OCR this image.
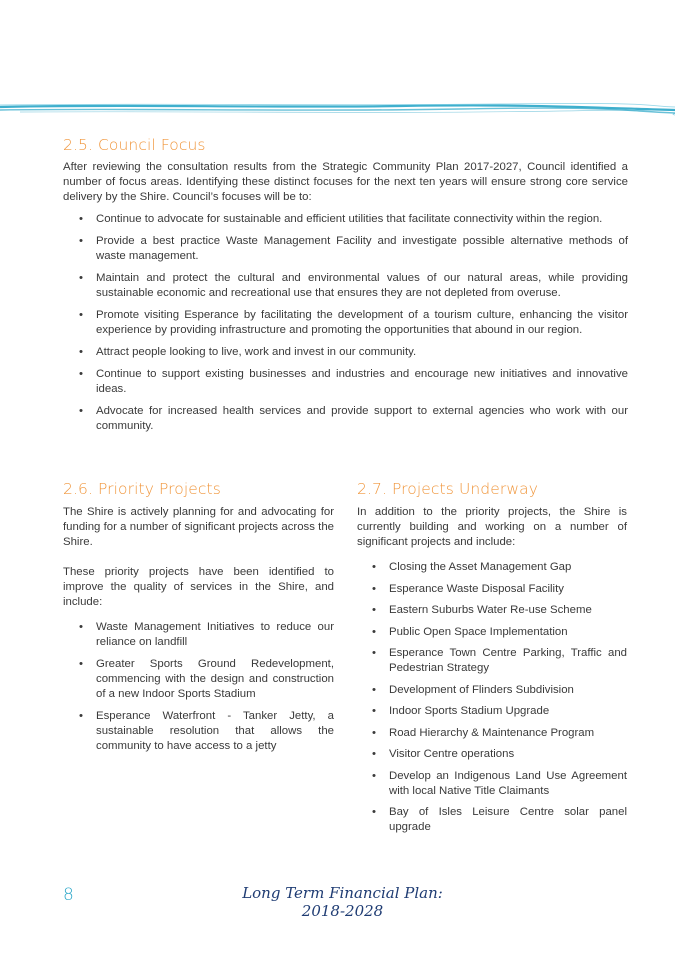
2.5. Council Focus

After reviewing the consultation results from the Strategic Community Plan 2017-2027, Council identified a number of focus areas. Identifying these distinct focuses for the next ten years will ensure strong core service delivery by the Shire. Council’s focuses will be to:

• Continue to advocate for sustainable and efficient utilities that facilitate connectivity within the region.
• Provide a best practice Waste Management Facility and investigate possible alternative methods of waste management.
• Maintain and protect the cultural and environmental values of our natural areas, while providing sustainable economic and recreational use that ensures they are not depleted from overuse.
• Promote visiting Esperance by facilitating the development of a tourism culture, enhancing the visitor experience by providing infrastructure and promoting the opportunities that abound in our region.
• Attract people looking to live, work and invest in our community.
• Continue to support existing businesses and industries and encourage new initiatives and innovative ideas.
• Advocate for increased health services and provide support to external agencies who work with our community.
2.6. Priority Projects

The Shire is actively planning for and advocating for funding for a number of significant projects across the Shire.

These priority projects have been identified to improve the quality of services in the Shire, and include:

• Waste Management Initiatives to reduce our reliance on landfill
• Greater Sports Ground Redevelopment, commencing with the design and construction of a new Indoor Sports Stadium
• Esperance Waterfront - Tanker Jetty, a sustainable resolution that allows the community to have access to a jetty
2.7. Projects Underway

In addition to the priority projects, the Shire is currently building and working on a number of significant projects and include:

• Closing the Asset Management Gap
• Esperance Waste Disposal Facility
• Eastern Suburbs Water Re-use Scheme
• Public Open Space Implementation
• Esperance Town Centre Parking, Traffic and Pedestrian Strategy
• Development of Flinders Subdivision
• Indoor Sports Stadium Upgrade
• Road Hierarchy & Maintenance Program
• Visitor Centre operations
• Develop an Indigenous Land Use Agreement with local Native Title Claimants
• Bay of Isles Leisure Centre solar panel upgrade
8	Long Term Financial Plan: 2018-2028
